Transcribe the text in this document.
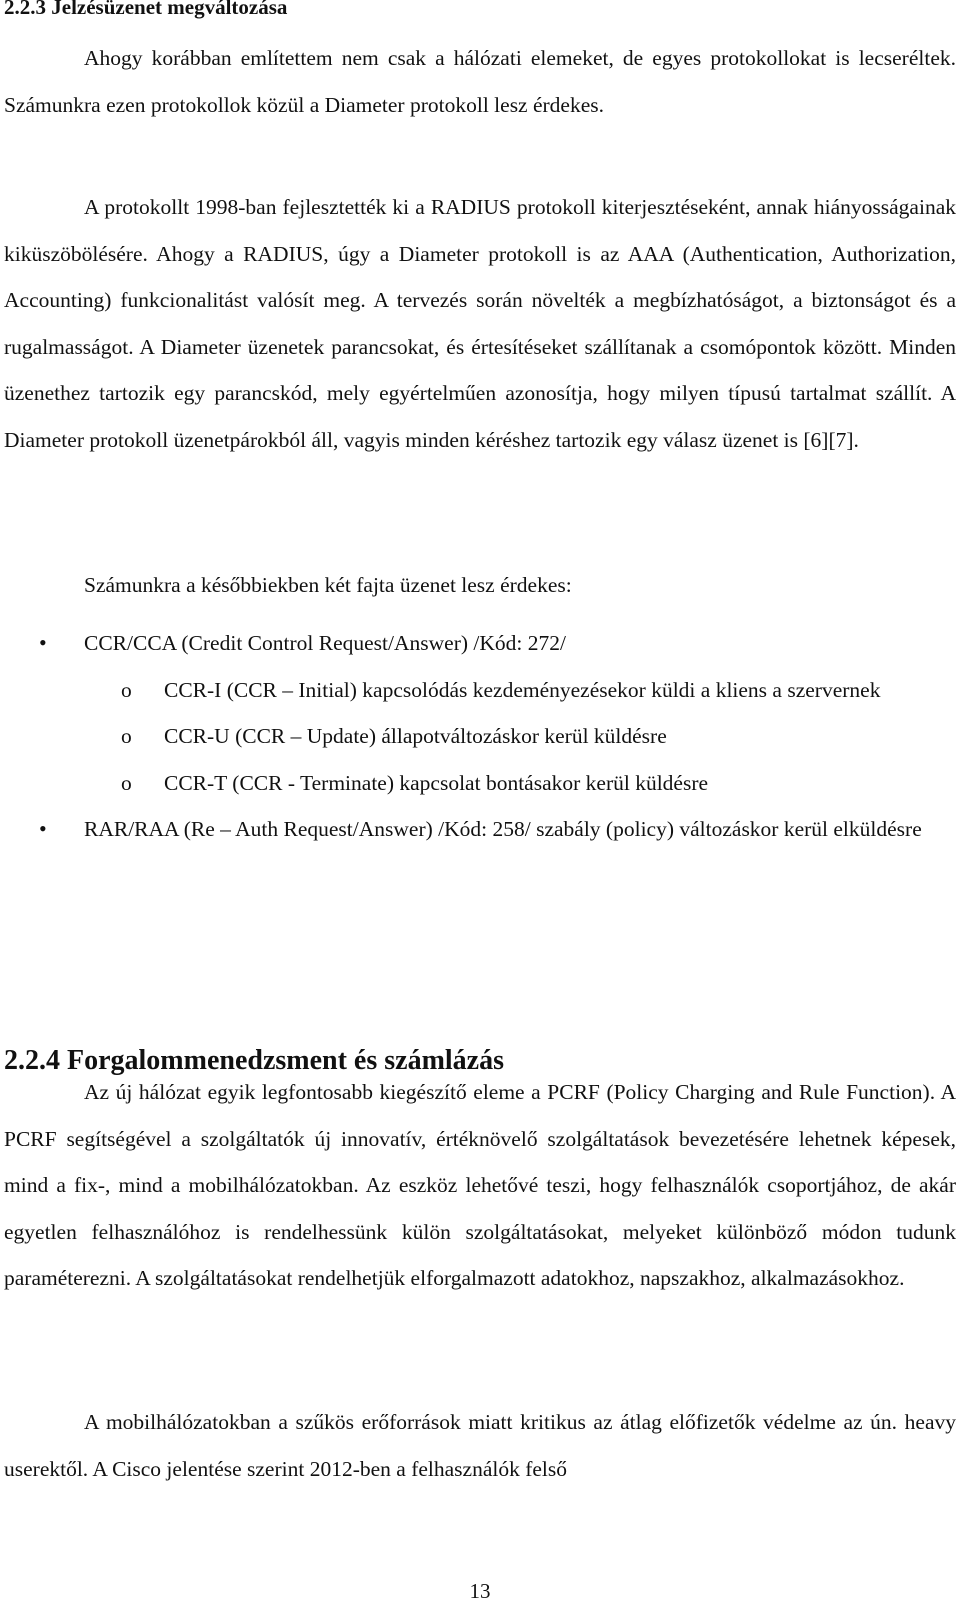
2.2.3 Jelzésüzenet megváltozása

Ahogy korábban említettem nem csak a hálózati elemeket, de egyes protokollokat is lecseréltek. Számunkra ezen protokollok közül a Diameter protokoll lesz érdekes.

A protokollt 1998-ban fejlesztették ki a RADIUS protokoll kiterjesztéseként, annak hiányosságainak kiküszöbölésére. Ahogy a RADIUS, úgy a Diameter protokoll is az AAA (Authentication, Authorization, Accounting) funkcionalitást valósít meg. A tervezés során növelték a megbízhatóságot, a biztonságot és a rugalmasságot. A Diameter üzenetek parancsokat, és értesítéseket szállítanak a csomópontok között. Minden üzenethez tartozik egy parancskód, mely egyértelműen azonosítja, hogy milyen típusú tartalmat szállít. A Diameter protokoll üzenetpárokból áll, vagyis minden kéréshez tartozik egy válasz üzenet is [6][7].

Számunkra a későbbiekben két fajta üzenet lesz érdekes:

• CCR/CCA (Credit Control Request/Answer) /Kód: 272/
o CCR-I (CCR – Initial) kapcsolódás kezdeményezésekor küldi a kliens a szervernek
o CCR-U (CCR – Update) állapotváltozáskor kerül küldésre
o CCR-T (CCR - Terminate) kapcsolat bontásakor kerül küldésre
• RAR/RAA (Re – Auth Request/Answer) /Kód: 258/ szabály (policy) változáskor kerül elküldésre
2.2.4 Forgalommenedzsment és számlázás

Az új hálózat egyik legfontosabb kiegészítő eleme a PCRF (Policy Charging and Rule Function). A PCRF segítségével a szolgáltatók új innovatív, értéknövelő szolgáltatások bevezetésére lehetnek képesek, mind a fix-, mind a mobilhálózatokban. Az eszköz lehetővé teszi, hogy felhasználók csoportjához, de akár egyetlen felhasználóhoz is rendelhessünk külön szolgáltatásokat, melyeket különböző módon tudunk paraméterezni. A szolgáltatásokat rendelhetjük elforgalmazott adatokhoz, napszakhoz, alkalmazásokhoz.

A mobilhálózatokban a szűkös erőforrások miatt kritikus az átlag előfizetők védelme az ún. heavy userektől. A Cisco jelentése szerint 2012-ben a felhasználók felső

13
